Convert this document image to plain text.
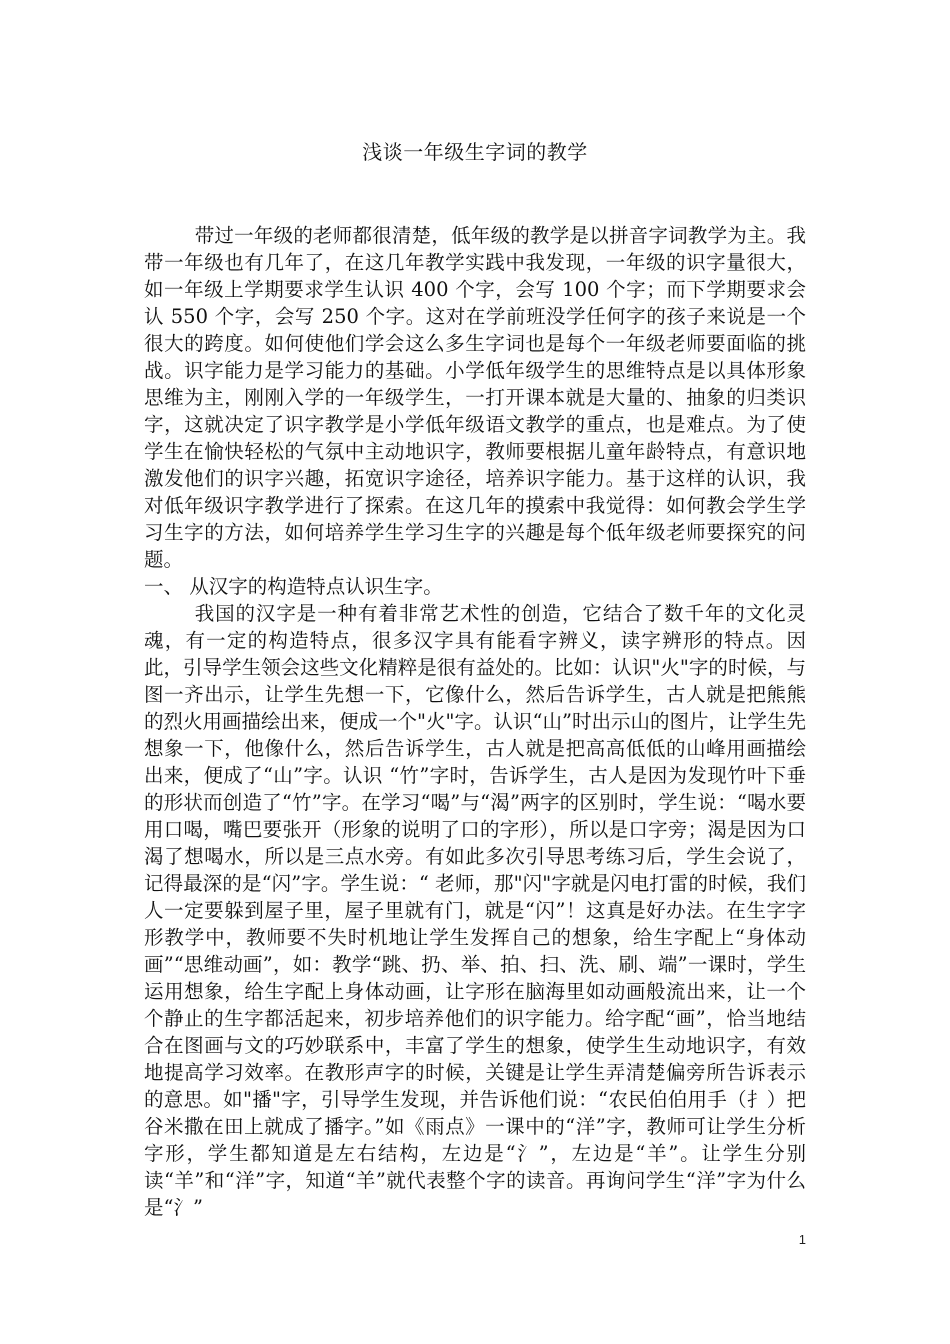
浅谈一年级生字词的教学

带过一年级的老师都很清楚，低年级的教学是以拼音字词教学为主。我带一年级也有几年了，在这几年教学实践中我发现，一年级的识字量很大，如一年级上学期要求学生认识 400 个字，会写 100 个字；而下学期要求会认 550 个字，会写 250 个字。这对在学前班没学任何字的孩子来说是一个很大的跨度。如何使他们学会这么多生字词也是每个一年级老师要面临的挑战。识字能力是学习能力的基础。小学低年级学生的思维特点是以具体形象思维为主，刚刚入学的一年级学生，一打开课本就是大量的、抽象的归类识字，这就决定了识字教学是小学低年级语文教学的重点，也是难点。为了使学生在愉快轻松的气氛中主动地识字，教师要根据儿童年龄特点，有意识地激发他们的识字兴趣，拓宽识字途径，培养识字能力。基于这样的认识，我对低年级识字教学进行了探索。在这几年的摸索中我觉得：如何教会学生学习生字的方法，如何培养学生学习生字的兴趣是每个低年级老师要探究的问题。

一、 从汉字的构造特点认识生字。

我国的汉字是一种有着非常艺术性的创造，它结合了数千年的文化灵魂，有一定的构造特点，很多汉字具有能看字辨义，读字辨形的特点。因此，引导学生领会这些文化精粹是很有益处的。比如：认识"火"字的时候，与图一齐出示，让学生先想一下，它像什么，然后告诉学生，古人就是把熊熊的烈火用画描绘出来，便成一个"火"字。认识“山”时出示山的图片，让学生先想象一下，他像什么，然后告诉学生，古人就是把高高低低的山峰用画描绘出来，便成了“山”字。认识 “竹”字时，告诉学生，古人是因为发现竹叶下垂的形状而创造了“竹”字。在学习“喝”与“渴”两字的区别时，学生说：“喝水要用口喝，嘴巴要张开（形象的说明了口的字形），所以是口字旁；渴是因为口渴了想喝水，所以是三点水旁。有如此多次引导思考练习后，学生会说了，记得最深的是“闪”字。学生说：“ 老师，那"闪"字就是闪电打雷的时候，我们人一定要躲到屋子里，屋子里就有门，就是“闪”！这真是好办法。在生字字形教学中，教师要不失时机地让学生发挥自己的想象，给生字配上“身体动画”“思维动画”，如：教学“跳、扔、举、拍、扫、洗、刷、端”一课时，学生运用想象，给生字配上身体动画，让字形在脑海里如动画般流出来，让一个个静止的生字都活起来，初步培养他们的识字能力。给字配“画”，恰当地结合在图画与文的巧妙联系中，丰富了学生的想象，使学生生动地识字，有效地提高学习效率。在教形声字的时候，关键是让学生弄清楚偏旁所告诉表示的意思。如"播"字，引导学生发现，并告诉他们说：“农民伯伯用手（扌）把谷米撒在田上就成了播字。”如《雨点》一课中的“洋”字，教师可让学生分析字形，学生都知道是左右结构，左边是“氵”，左边是“羊”。让学生分别读“羊”和“洋”字，知道“羊”就代表整个字的读音。再询问学生“洋”字为什么是“氵”

1
